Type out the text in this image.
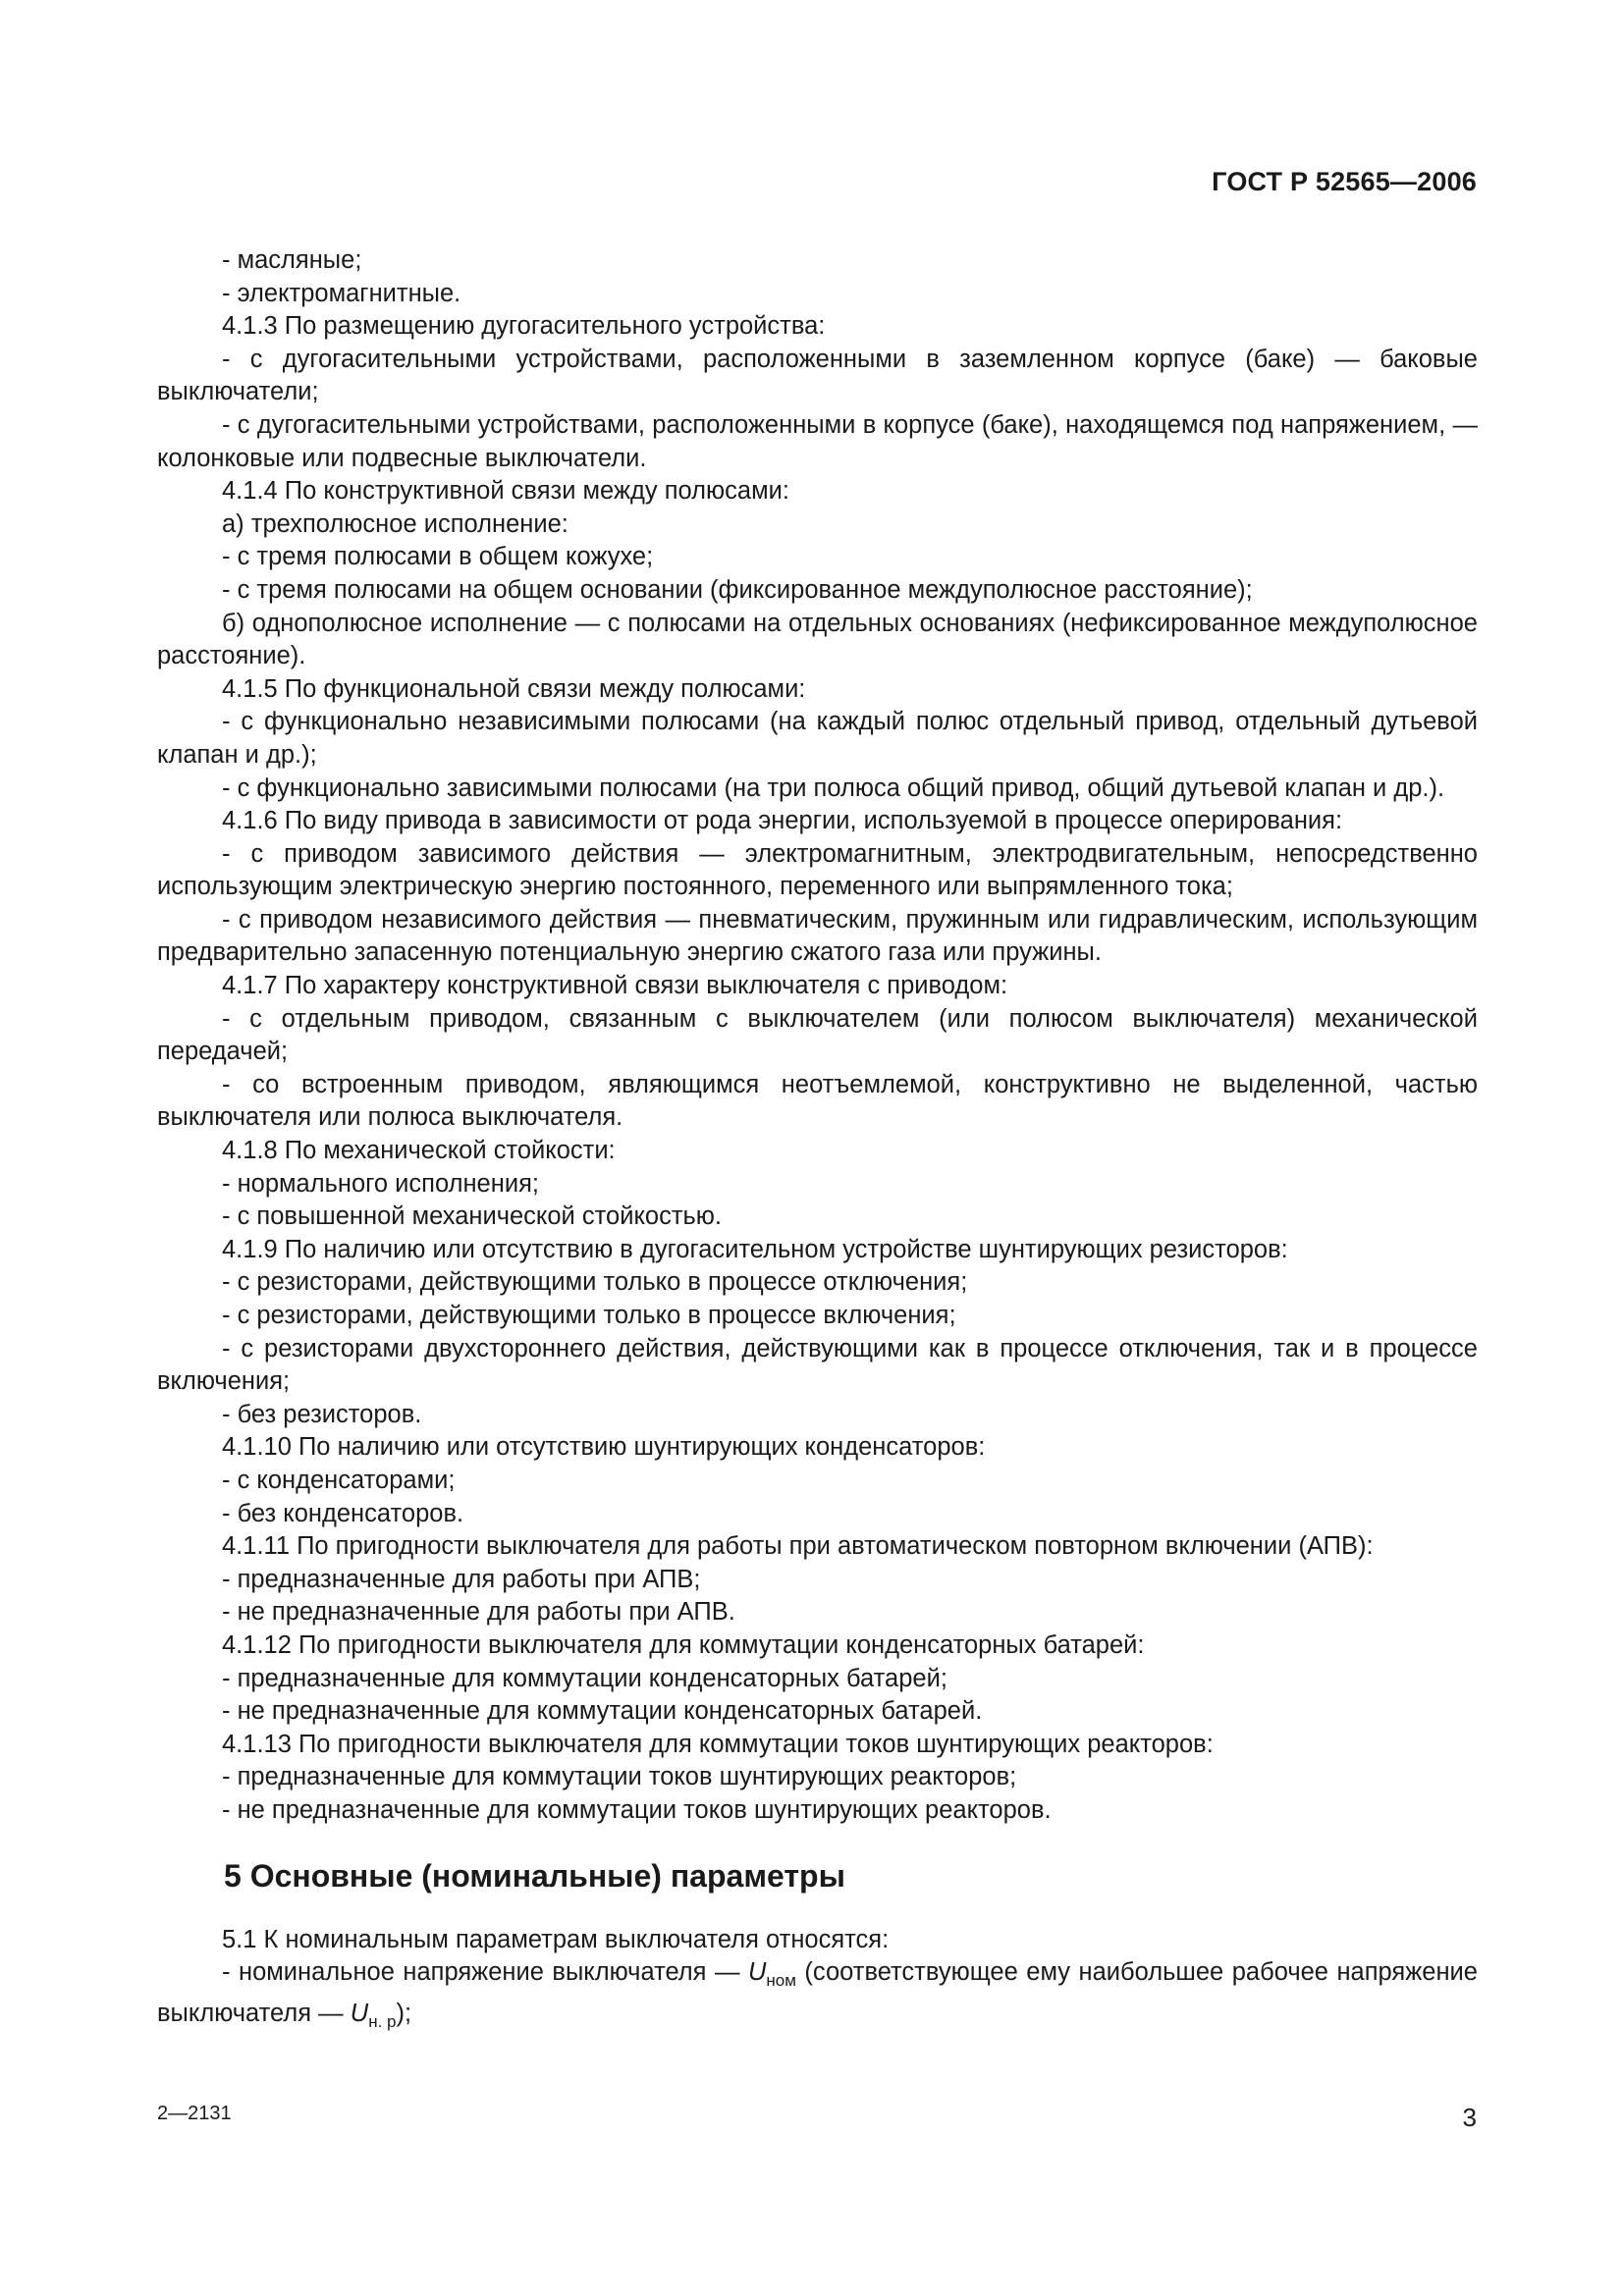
ГОСТ Р 52565—2006

- масляные;

- электромагнитные.

4.1.3 По размещению дугогасительного устройства:

- с дугогасительными устройствами, расположенными в заземленном корпусе (баке) — баковые выключатели;

- с дугогасительными устройствами, расположенными в корпусе (баке), находящемся под напряжением, — колонковые или подвесные выключатели.

4.1.4 По конструктивной связи между полюсами:

а) трехполюсное исполнение:

- с тремя полюсами в общем кожухе;

- с тремя полюсами на общем основании (фиксированное междуполюсное расстояние);

б) однополюсное исполнение — с полюсами на отдельных основаниях (нефиксированное междуполюсное расстояние).

4.1.5 По функциональной связи между полюсами:

- с функционально независимыми полюсами (на каждый полюс отдельный привод, отдельный дутьевой клапан и др.);

- с функционально зависимыми полюсами (на три полюса общий привод, общий дутьевой клапан и др.).

4.1.6 По виду привода в зависимости от рода энергии, используемой в процессе оперирования:

- с приводом зависимого действия — электромагнитным, электродвигательным, непосредственно использующим электрическую энергию постоянного, переменного или выпрямленного тока;

- с приводом независимого действия — пневматическим, пружинным или гидравлическим, использующим предварительно запасенную потенциальную энергию сжатого газа или пружины.

4.1.7 По характеру конструктивной связи выключателя с приводом:

- с отдельным приводом, связанным с выключателем (или полюсом выключателя) механической передачей;

- со встроенным приводом, являющимся неотъемлемой, конструктивно не выделенной, частью выключателя или полюса выключателя.

4.1.8 По механической стойкости:

- нормального исполнения;

- с повышенной механической стойкостью.

4.1.9 По наличию или отсутствию в дугогасительном устройстве шунтирующих резисторов:

- с резисторами, действующими только в процессе отключения;

- с резисторами, действующими только в процессе включения;

- с резисторами двухстороннего действия, действующими как в процессе отключения, так и в процессе включения;

- без резисторов.

4.1.10 По наличию или отсутствию шунтирующих конденсаторов:

- с конденсаторами;

- без конденсаторов.

4.1.11 По пригодности выключателя для работы при автоматическом повторном включении (АПВ):

- предназначенные для работы при АПВ;

- не предназначенные для работы при АПВ.

4.1.12 По пригодности выключателя для коммутации конденсаторных батарей:

- предназначенные для коммутации конденсаторных батарей;

- не предназначенные для коммутации конденсаторных батарей.

4.1.13 По пригодности выключателя для коммутации токов шунтирующих реакторов:

- предназначенные для коммутации токов шунтирующих реакторов;

- не предназначенные для коммутации токов шунтирующих реакторов.

5 Основные (номинальные) параметры

5.1 К номинальным параметрам выключателя относятся:

- номинальное напряжение выключателя — $U_{ном}$ (соответствующее ему наибольшее рабочее напряжение выключателя — $U_{н. р}$);

2—2131	3
